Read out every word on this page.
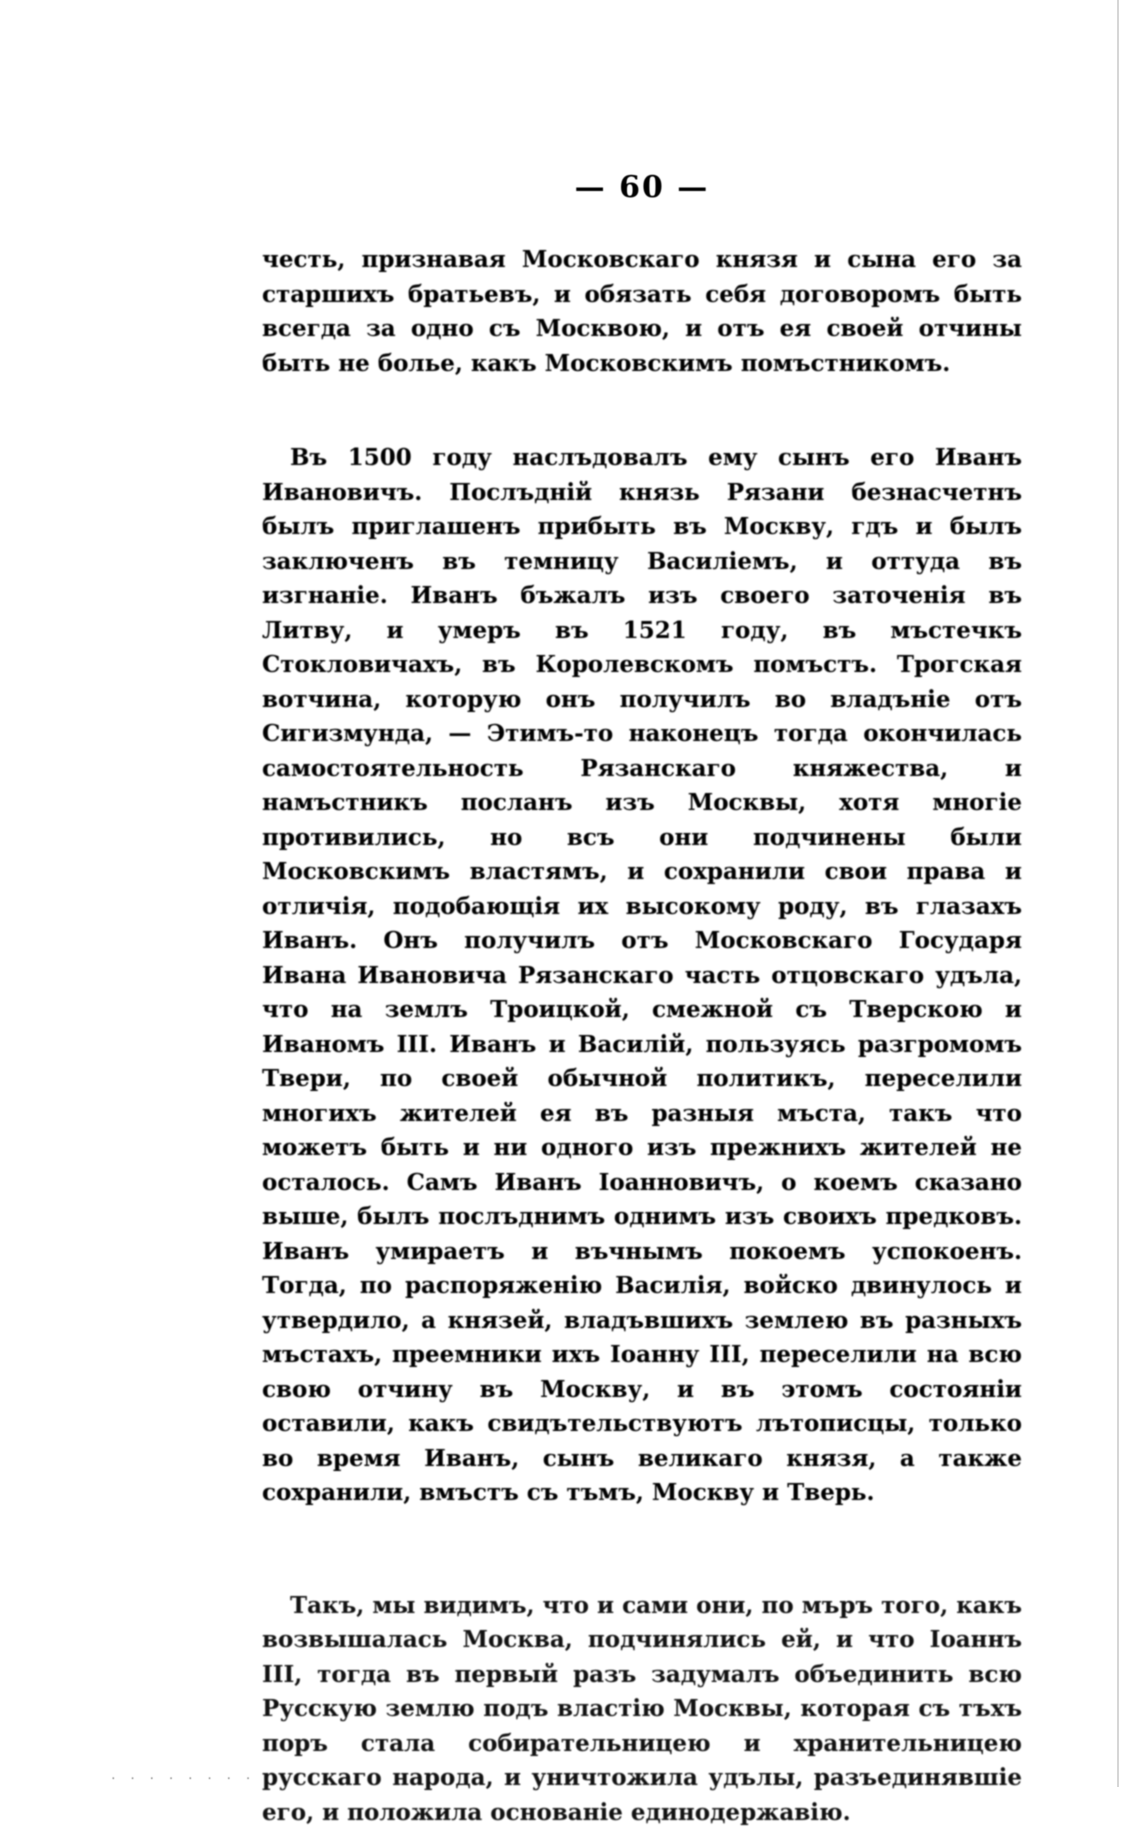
— 60 —

честь, признавая Московскаго князя и сына его за старшихъ братьевъ, и обязать себя договоромъ быть всегда за одно съ Москвою, и отъ ея своей отчины быть не болье, какъ Московскимъ помъстникомъ.

Въ 1500 году наслъдовалъ ему сынъ его Иванъ Ивановичъ. Послъдній князь Рязани безнасчетнъ былъ приглашенъ прибыть въ Москву, гдъ и былъ заключенъ въ темницу Василіемъ, и оттуда въ изгнаніе. Иванъ бъжалъ изъ своего заточенія въ Литву, и умеръ въ 1521 году, въ мъстечкъ Стокловичахъ, въ Королевскомъ помъстъ. Трогская вотчина, которую онъ получилъ во владъніе отъ Сигизмунда, — Этимъ-то наконецъ тогда окончилась самостоятельность Рязанскаго княжества, и намъстникъ посланъ изъ Москвы, хотя многіе противились, но всъ они подчинены были Московскимъ властямъ, и сохранили свои права и отличія, подобающія их высокому роду, въ глазахъ Иванъ. Онъ получилъ отъ Московскаго Государя Ивана Ивановича Рязанскаго часть отцовскаго удъла, что на землъ Троицкой, смежной съ Тверскою и Иваномъ III. Иванъ и Василій, пользуясь разгромомъ Твери, по своей обычной политикъ, переселили многихъ жителей ея въ разныя мъста, такъ что можетъ быть и ни одного изъ прежнихъ жителей не осталось. Самъ Иванъ Іоанновичъ, о коемъ сказано выше, былъ послъднимъ однимъ изъ своихъ предковъ. Иванъ умираетъ и въчнымъ покоемъ успокоенъ. Тогда, по распоряженію Василія, войско двинулось и утвердило, а князей, владъвшихъ землею въ разныхъ мъстахъ, преемники ихъ Іоанну III, переселили на всю свою отчину въ Москву, и въ этомъ состояніи оставили, какъ свидътельствуютъ лътописцы, только во время Иванъ, сынъ великаго князя, а также сохранили, вмъстъ съ тъмъ, Москву и Тверь.

Такъ, мы видимъ, что и сами они, по мъръ того, какъ возвышалась Москва, подчинялись ей, и что Іоаннъ III, тогда въ первый разъ задумалъ объединить всю Русскую землю подъ властію Москвы, которая съ тъхъ поръ стала собирательницею и хранительницею русскаго народа, и уничтожила удълы, разъединявшіе его, и положила основаніе единодержавію.

· · · · · · · ·
